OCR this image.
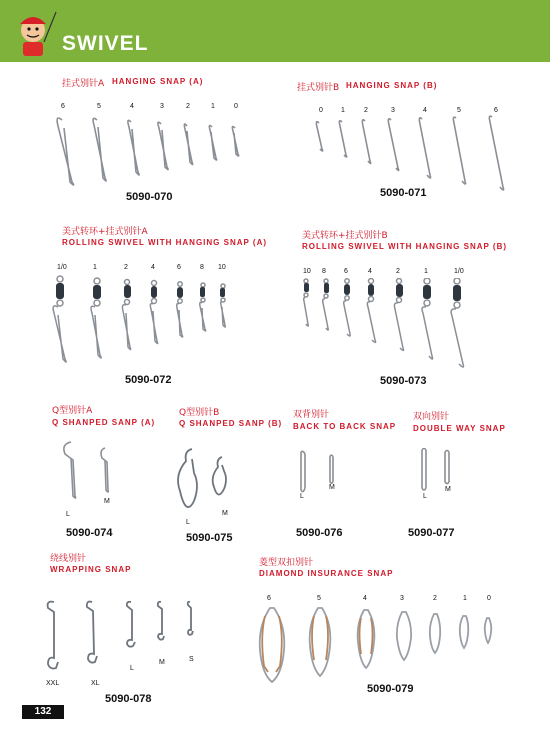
SWIVEL
挂式别针A HANGING SNAP (A)
6	5	4	3	2	1	0
5090-070
挂式别针B HANGING SNAP (B)
0	1	2	3	4	5	6
5090-071
美式转环+挂式别针A
ROLLING SWIVEL WITH HANGING SNAP (A)
1/0	1	2	4	6	8 10
5090-072
美式转环+挂式别针B
ROLLING SWIVEL WITH HANGING SNAP (B)
10 8	6	4	2	1	1/0
5090-073
Q型别针A
Q SHANPED SANP (A)
L
M
5090-074
Q型别针B
Q SHANPED SANP (B)
L
M
5090-075
双背别针
BACK TO BACK SNAP
L
M
5090-076
双向别针
DOUBLE WAY SNAP
L
M
5090-077
绕线别针
WRAPPING SNAP
XXL	XL
L
M	S
5090-078
菱型双扣别针
DIAMOND INSURANCE SNAP
6	5	4	3	2	1	0
5090-079
132
